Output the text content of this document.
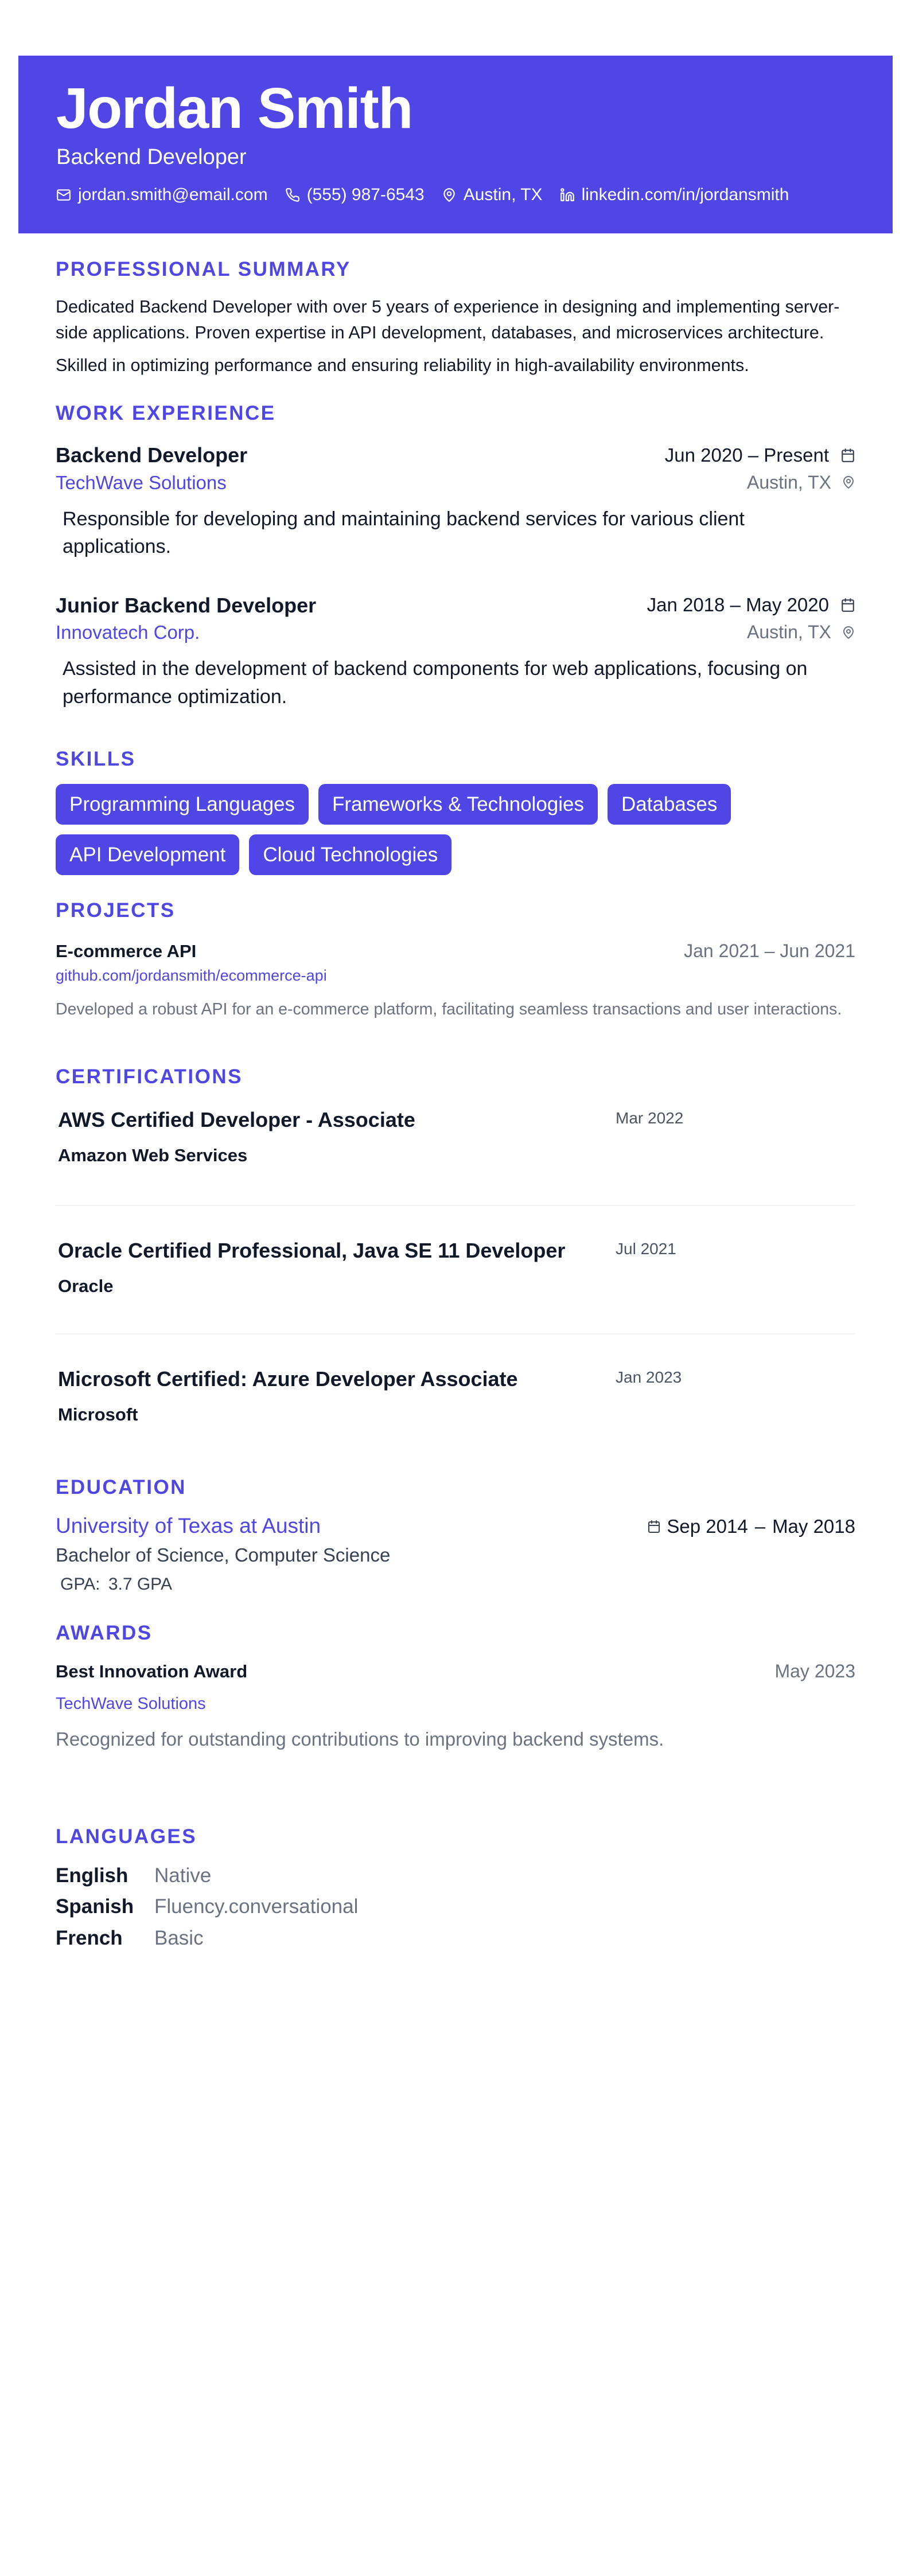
Jordan Smith
Backend Developer
jordan.smith@email.com (555) 987-6543 Austin, TX linkedin.com/in/jordansmith
PROFESSIONAL SUMMARY
Dedicated Backend Developer with over 5 years of experience in designing and implementing server-side applications. Proven expertise in API development, databases, and microservices architecture.
Skilled in optimizing performance and ensuring reliability in high-availability environments.
WORK EXPERIENCE
Backend Developer	Jun 2020 – Present
TechWave Solutions	Austin, TX
Responsible for developing and maintaining backend services for various client applications.
Junior Backend Developer	Jan 2018 – May 2020
Innovatech Corp.	Austin, TX
Assisted in the development of backend components for web applications, focusing on performance optimization.
SKILLS
Programming Languages	Frameworks & Technologies	Databases
API Development	Cloud Technologies
PROJECTS
E-commerce API	Jan 2021 – Jun 2021
github.com/jordansmith/ecommerce-api
Developed a robust API for an e-commerce platform, facilitating seamless transactions and user interactions.
CERTIFICATIONS
AWS Certified Developer - Associate	Mar 2022
Amazon Web Services
Oracle Certified Professional, Java SE 11 Developer	Jul 2021
Oracle
Microsoft Certified: Azure Developer Associate	Jan 2023
Microsoft
EDUCATION
University of Texas at Austin	Sep 2014 – May 2018
Bachelor of Science, Computer Science
GPA: 3.7 GPA
AWARDS
Best Innovation Award	May 2023
TechWave Solutions
Recognized for outstanding contributions to improving backend systems.
LANGUAGES
English	Native
Spanish	Fluency.conversational
French	Basic
